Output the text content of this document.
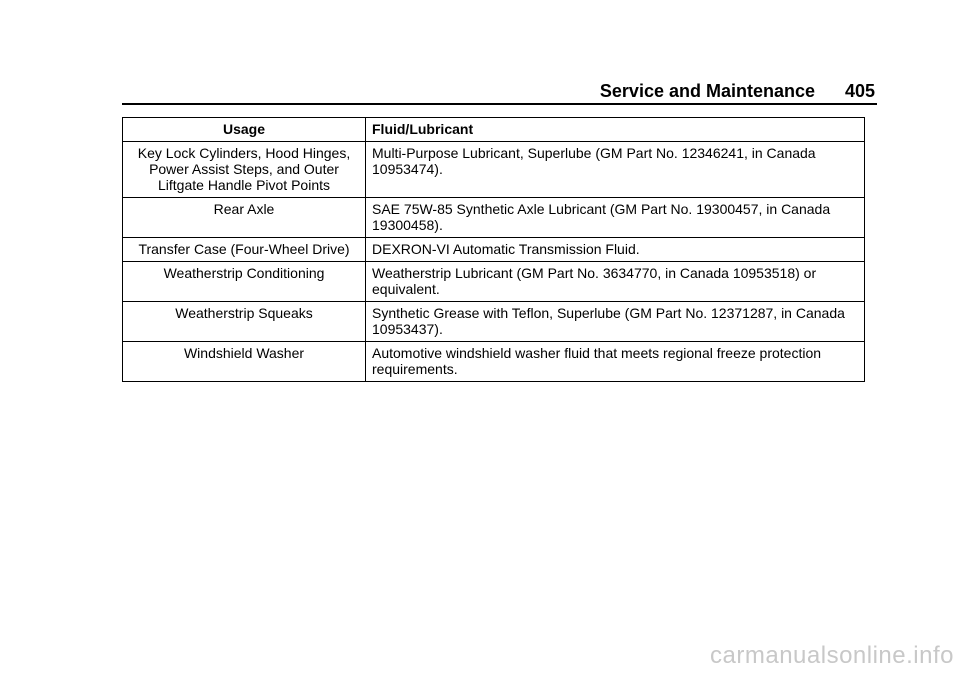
Service and Maintenance 405
Usage	Fluid/Lubricant
Key Lock Cylinders, Hood Hinges, Power Assist Steps, and Outer Liftgate Handle Pivot Points	Multi-Purpose Lubricant, Superlube (GM Part No. 12346241, in Canada 10953474).
Rear Axle	SAE 75W-85 Synthetic Axle Lubricant (GM Part No. 19300457, in Canada 19300458).
Transfer Case (Four-Wheel Drive)	DEXRON-VI Automatic Transmission Fluid.
Weatherstrip Conditioning	Weatherstrip Lubricant (GM Part No. 3634770, in Canada 10953518) or equivalent.
Weatherstrip Squeaks	Synthetic Grease with Teflon, Superlube (GM Part No. 12371287, in Canada 10953437).
Windshield Washer	Automotive windshield washer fluid that meets regional freeze protection requirements.
carmanualsonline.info
